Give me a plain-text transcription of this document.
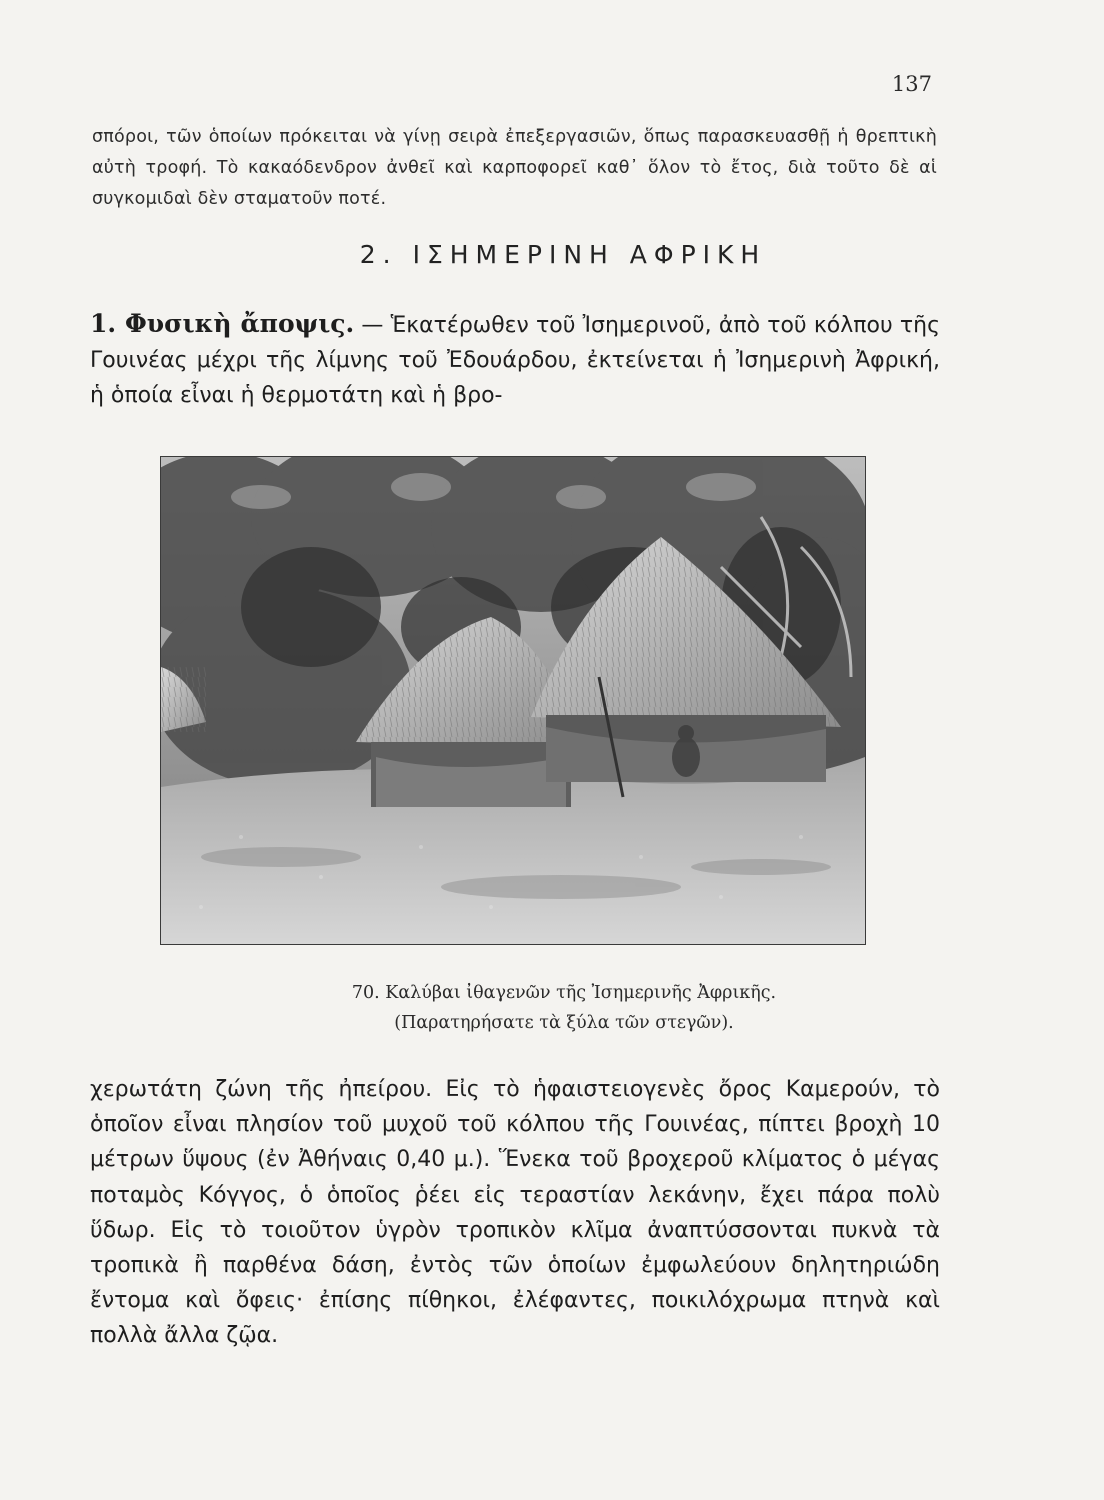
137

σπόροι, τῶν ὁποίων πρόκειται νὰ γίνῃ σειρὰ ἐπεξεργασιῶν, ὅπως παρασκευασθῇ ἡ θρεπτικὴ αὐτὴ τροφή. Τὸ κακαόδενδρον ἀνθεῖ καὶ καρποφορεῖ καθ᾽ ὅλον τὸ ἔτος, διὰ τοῦτο δὲ αἱ συγκομιδαὶ δὲν σταματοῦν ποτέ.

2. ΙΣΗΜΕΡΙΝΗ ΑΦΡΙΚΗ

1. Φυσικὴ ἄποψις. — Ἑκατέρωθεν τοῦ Ἰσημερινοῦ, ἀπὸ τοῦ κόλπου τῆς Γουινέας μέχρι τῆς λίμνης τοῦ Ἐδουάρδου, ἐκτείνεται ἡ Ἰσημερινὴ Ἀφρική, ἡ ὁποία εἶναι ἡ θερμοτάτη καὶ ἡ βρο-

70. Καλύβαι ἰθαγενῶν τῆς Ἰσημερινῆς Ἀφρικῆς.
(Παρατηρήσατε τὰ ξύλα τῶν στεγῶν).

χερωτάτη ζώνη τῆς ἠπείρου. Εἰς τὸ ἡφαιστειογενὲς ὄρος Καμερούν, τὸ ὁποῖον εἶναι πλησίον τοῦ μυχοῦ τοῦ κόλπου τῆς Γουινέας, πίπτει βροχὴ 10 μέτρων ὕψους (ἐν Ἀθήναις 0,40 μ.). Ἕνεκα τοῦ βροχεροῦ κλίματος ὁ μέγας ποταμὸς Κόγγος, ὁ ὁποῖος ῥέει εἰς τεραστίαν λεκάνην, ἔχει πάρα πολὺ ὕδωρ. Εἰς τὸ τοιοῦτον ὑγρὸν τροπικὸν κλῖμα ἀναπτύσσονται πυκνὰ τὰ τροπικὰ ἢ παρθένα δάση, ἐντὸς τῶν ὁποίων ἐμφωλεύουν δηλητηριώδη ἔντομα καὶ ὄφεις· ἐπίσης πίθηκοι, ἐλέφαντες, ποικιλόχρωμα πτηνὰ καὶ πολλὰ ἄλλα ζῷα.
